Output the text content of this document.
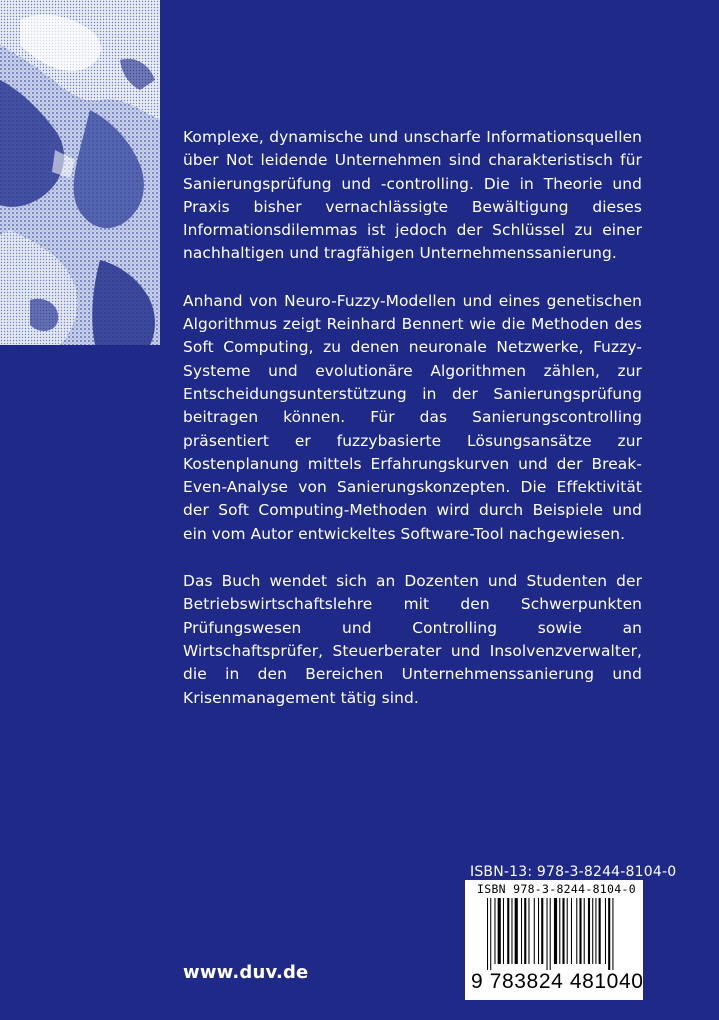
Komplexe, dynamische und unscharfe Informationsquellen über Not leidende Unternehmen sind charakteristisch für Sanierungsprüfung und -controlling. Die in Theorie und Praxis bisher vernachlässigte Bewältigung dieses Informationsdilemmas ist jedoch der Schlüssel zu einer nachhaltigen und tragfähigen Unternehmenssanierung.

Anhand von Neuro-Fuzzy-Modellen und eines genetischen Algorithmus zeigt Reinhard Bennert wie die Methoden des Soft Computing, zu denen neuronale Netzwerke, Fuzzy-Systeme und evolutionäre Algorithmen zählen, zur Entscheidungsunterstützung in der Sanierungsprüfung beitragen können. Für das Sanierungscontrolling präsentiert er fuzzybasierte Lösungsansätze zur Kostenplanung mittels Erfahrungskurven und der Break-Even-Analyse von Sanierungskonzepten. Die Effektivität der Soft Computing-Methoden wird durch Beispiele und ein vom Autor entwickeltes Software-Tool nachgewiesen.

Das Buch wendet sich an Dozenten und Studenten der Betriebswirtschaftslehre mit den Schwerpunkten Prüfungswesen und Controlling sowie an Wirtschaftsprüfer, Steuerberater und Insolvenzverwalter, die in den Bereichen Unternehmenssanierung und Krisenmanagement tätig sind.

ISBN-13: 978-3-8244-8104-0
ISBN 978-3-8244-8104-0
9 783824 481040
www.duv.de
